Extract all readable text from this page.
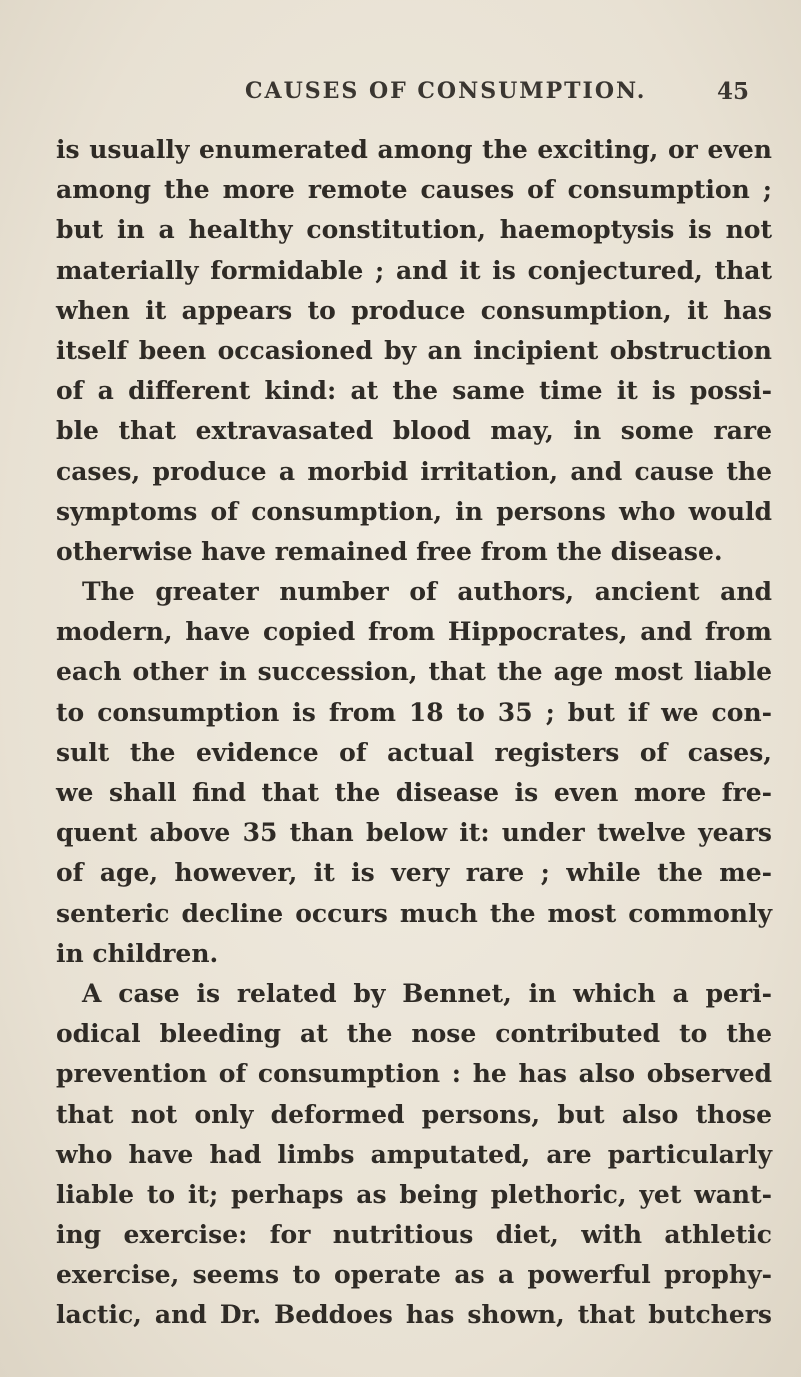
CAUSES OF CONSUMPTION.	45
is usually enumerated among the exciting, or even
among the more remote causes of consumption ;
but in a healthy constitution, haemoptysis is not
materially formidable ; and it is conjectured, that
when it appears to produce consumption, it has
itself been occasioned by an incipient obstruction
of a different kind: at the same time it is possi-
ble that extravasated blood may, in some rare
cases, produce a morbid irritation, and cause the
symptoms of consumption, in persons who would
otherwise have remained free from the disease.
The greater number of authors, ancient and
modern, have copied from Hippocrates, and from
each other in succession, that the age most liable
to consumption is from 18 to 35 ; but if we con-
sult the evidence of actual registers of cases,
we shall find that the disease is even more fre-
quent above 35 than below it: under twelve years
of age, however, it is very rare ; while the me-
senteric decline occurs much the most commonly
in children.
A case is related by Bennet, in which a peri-
odical bleeding at the nose contributed to the
prevention of consumption : he has also observed
that not only deformed persons, but also those
who have had limbs amputated, are particularly
liable to it; perhaps as being plethoric, yet want-
ing exercise: for nutritious diet, with athletic
exercise, seems to operate as a powerful prophy-
lactic, and Dr. Beddoes has shown, that butchers
